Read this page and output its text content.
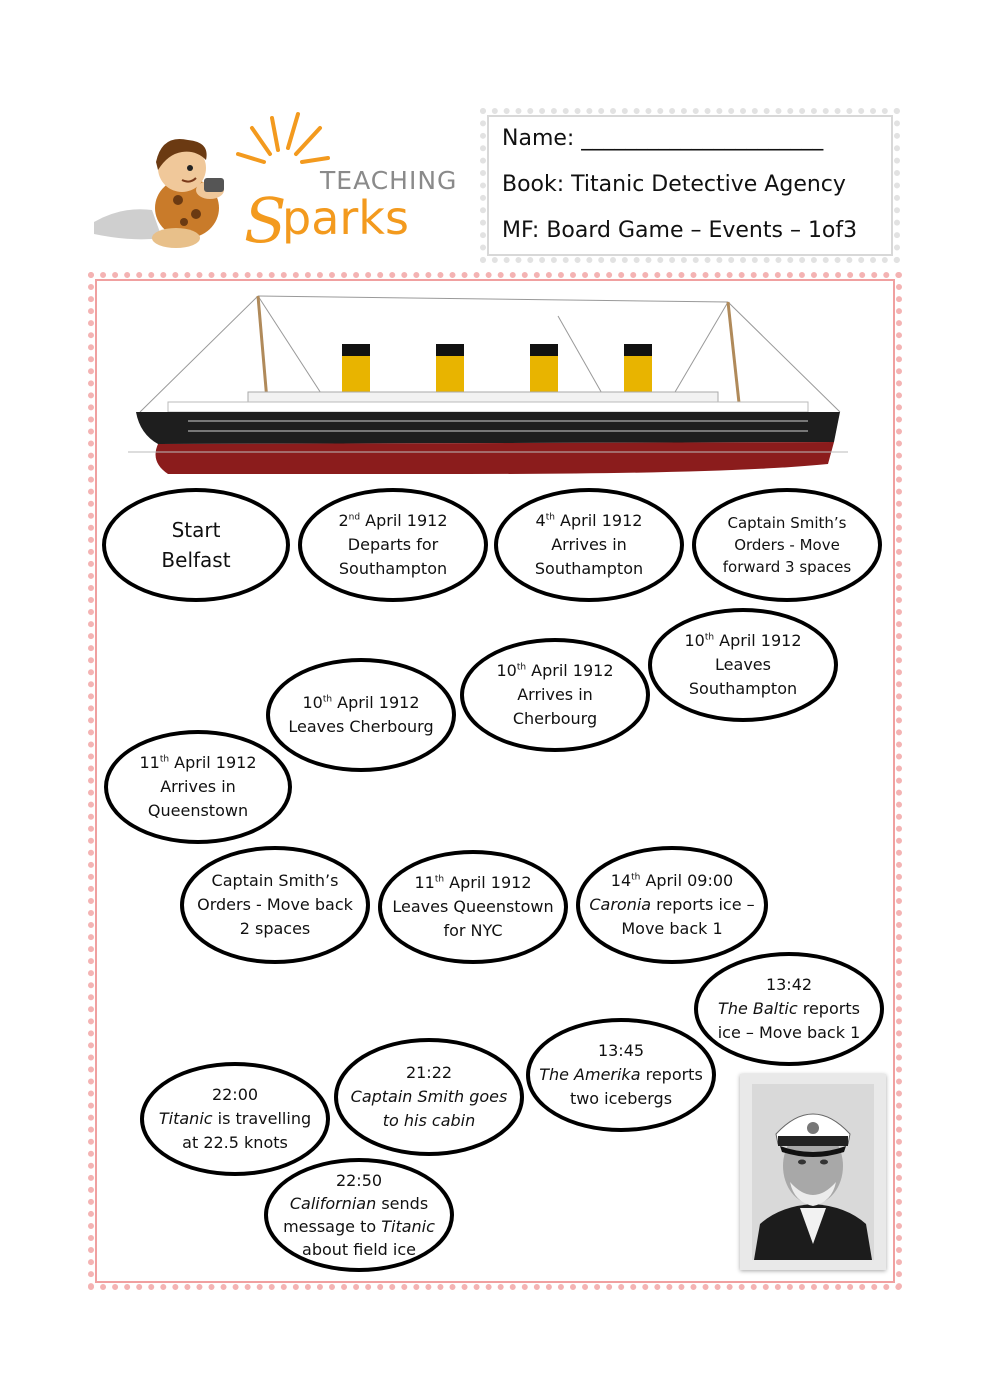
S
parks
TEACHING
Name: ______________________
Book: Titanic Detective Agency
MF: Board Game – Events – 1of3
Start
Belfast
2nd April 1912
Departs for
Southampton
4th April 1912
Arrives in
Southampton
Captain Smith’s
Orders - Move
forward 3 spaces
10th April 1912
Leaves
Southampton
10th April 1912
Arrives in
Cherbourg
10th April 1912
Leaves Cherbourg
11th April 1912
Arrives in
Queenstown
Captain Smith’s
Orders - Move back
2 spaces
11th April 1912
Leaves Queenstown
for NYC
14th April 09:00
Caronia reports ice –
Move back 1
13:42
The Baltic reports
ice – Move back 1
13:45
The Amerika reports
two icebergs
21:22
Captain Smith goes
to his cabin
22:00
Titanic is travelling
at 22.5 knots
22:50
Californian sends
message to Titanic
about field ice
